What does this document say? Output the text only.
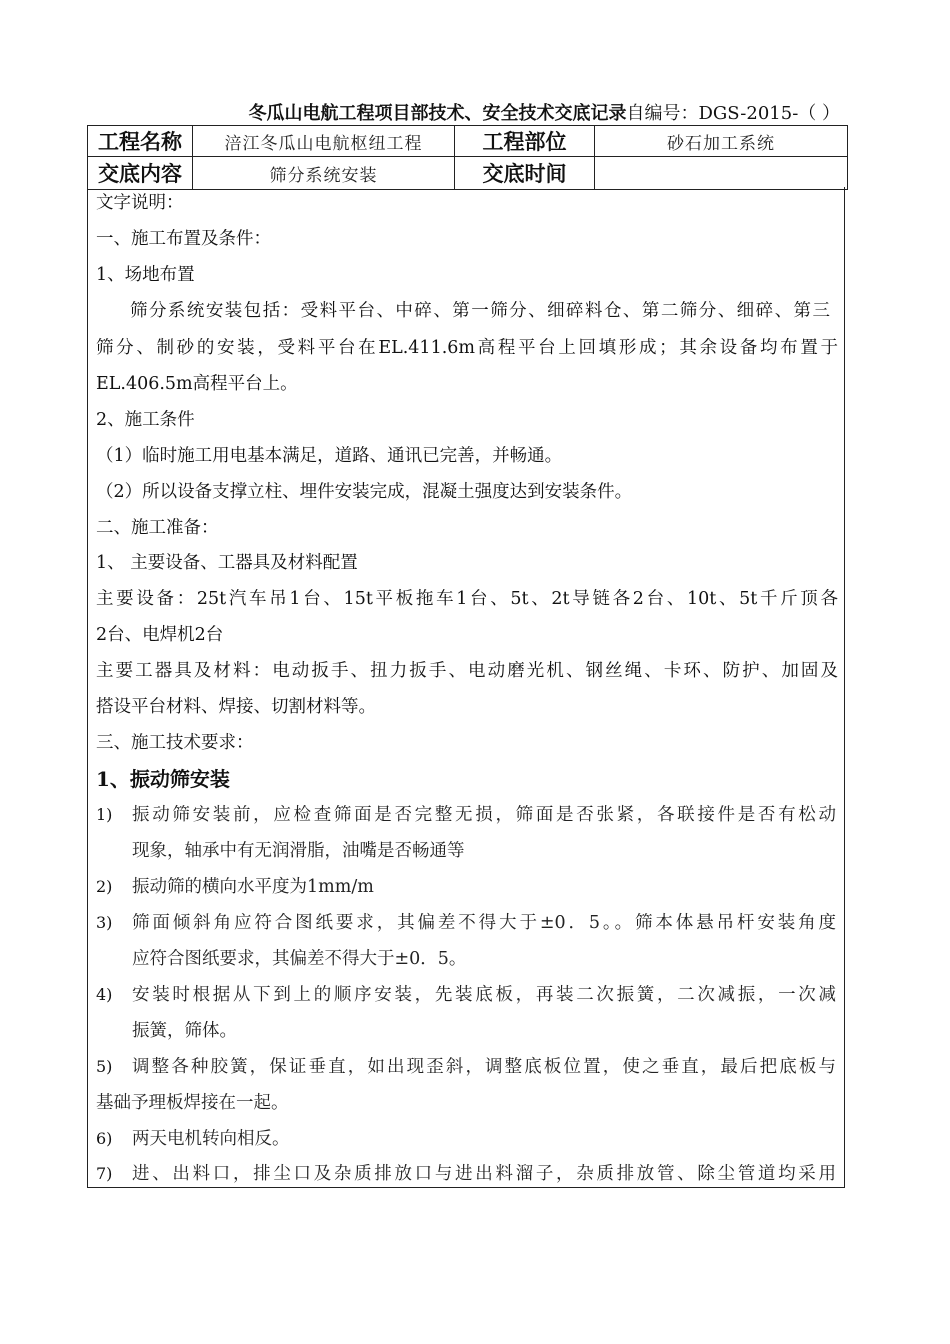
冬瓜山电航工程项目部技术、安全技术交底记录自编号：DGS-2015-（ ）
工程名称	涪江冬瓜山电航枢纽工程	工程部位	砂石加工系统
交底内容	筛分系统安装	交底时间	
文字说明：
一、施工布置及条件：
1、场地布置
筛分系统安装包括：受料平台、中碎、第一筛分、细碎料仓、第二筛分、细碎、第三
筛分、制砂的安装，受料平台在EL.411.6m高程平台上回填形成；其余设备均布置于
EL.406.5m高程平台上。
2、施工条件
（1）临时施工用电基本满足，道路、通讯已完善，并畅通。
（2）所以设备支撑立柱、埋件安装完成，混凝土强度达到安装条件。
二、施工准备：
1、 主要设备、工器具及材料配置
主要设备：25t汽车吊1台、15t平板拖车1台、5t、2t导链各2台、10t、5t千斤顶各
2台、电焊机2台
主要工器具及材料：电动扳手、扭力扳手、电动磨光机、钢丝绳、卡环、防护、加固及
搭设平台材料、焊接、切割材料等。
三、施工技术要求：
1、振动筛安装
1) 振动筛安装前，应检查筛面是否完整无损，筛面是否张紧，各联接件是否有松动
现象，轴承中有无润滑脂，油嘴是否畅通等
2) 振动筛的横向水平度为1mm/m
3) 筛面倾斜角应符合图纸要求，其偏差不得大于±0．5。。筛本体悬吊杆安装角度
应符合图纸要求，其偏差不得大于±0．5。
4) 安装时根据从下到上的顺序安装，先装底板，再装二次振簧，二次减振，一次减
振簧，筛体。
5) 调整各种胶簧，保证垂直，如出现歪斜，调整底板位置，使之垂直，最后把底板与
基础予理板焊接在一起。
6) 两天电机转向相反。
7) 进、出料口，排尘口及杂质排放口与进出料溜子，杂质排放管、除尘管道均采用
